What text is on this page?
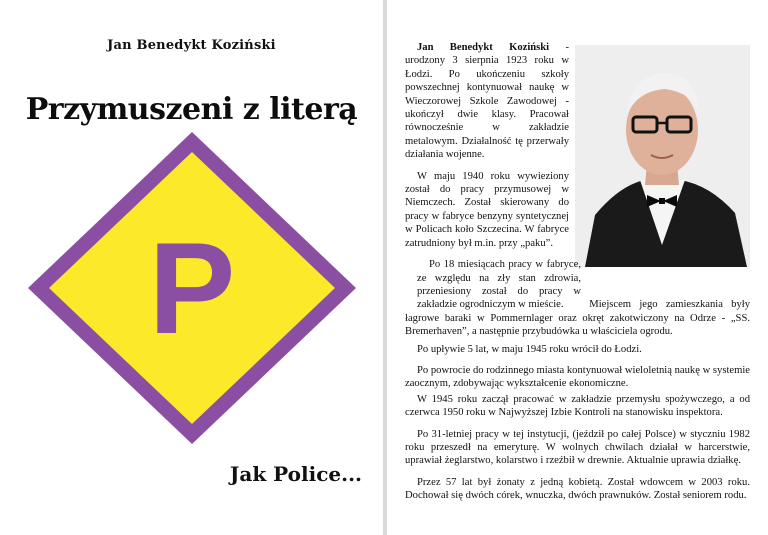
Jan Benedykt Koziński
Przymuszeni z literą
P
Jak Police...

Jan Benedykt Koziński - urodzony 3 sierpnia 1923 roku w Łodzi. Po ukończeniu szkoły powszechnej kontynuował naukę w Wieczorowej Szkole Zawodowej - ukończył dwie klasy. Pracował równocześnie w zakładzie metalowym. Działalność tę przerwały działania wojenne.

W maju 1940 roku wywieziony został do pracy przymusowej w Niemczech. Został skierowany do pracy w fabryce benzyny syntetycznej w Policach koło Szczecina. W fabryce zatrudniony był m.in. przy „paku”.

Po 18 miesiącach pracy w fabryce, ze względu na zły stan zdrowia, przeniesiony został do pracy w zakładzie ogrodniczym w mieście. Miejscem jego zamieszkania były łagrowe baraki w Pommernlager oraz okręt zakotwiczony na Odrze - „SS. Bremerhaven”, a następnie przybudówka u właściciela ogrodu.

Po upływie 5 lat, w maju 1945 roku wrócił do Łodzi.

Po powrocie do rodzinnego miasta kontynuował wieloletnią naukę w systemie zaocznym, zdobywając wykształcenie ekonomiczne.

W 1945 roku zaczął pracować w zakładzie przemysłu spożywczego, a od czerwca 1950 roku w Najwyższej Izbie Kontroli na stanowisku inspektora.

Po 31-letniej pracy w tej instytucji, (jeździł po całej Polsce) w styczniu 1982 roku przeszedł na emeryturę. W wolnych chwilach działał w harcerstwie, uprawiał żeglarstwo, kolarstwo i rzeźbił w drewnie. Aktualnie uprawia działkę.

Przez 57 lat był żonaty z jedną kobietą. Został wdowcem w 2003 roku. Dochował się dwóch córek, wnuczka, dwóch prawnuków. Został seniorem rodu.
